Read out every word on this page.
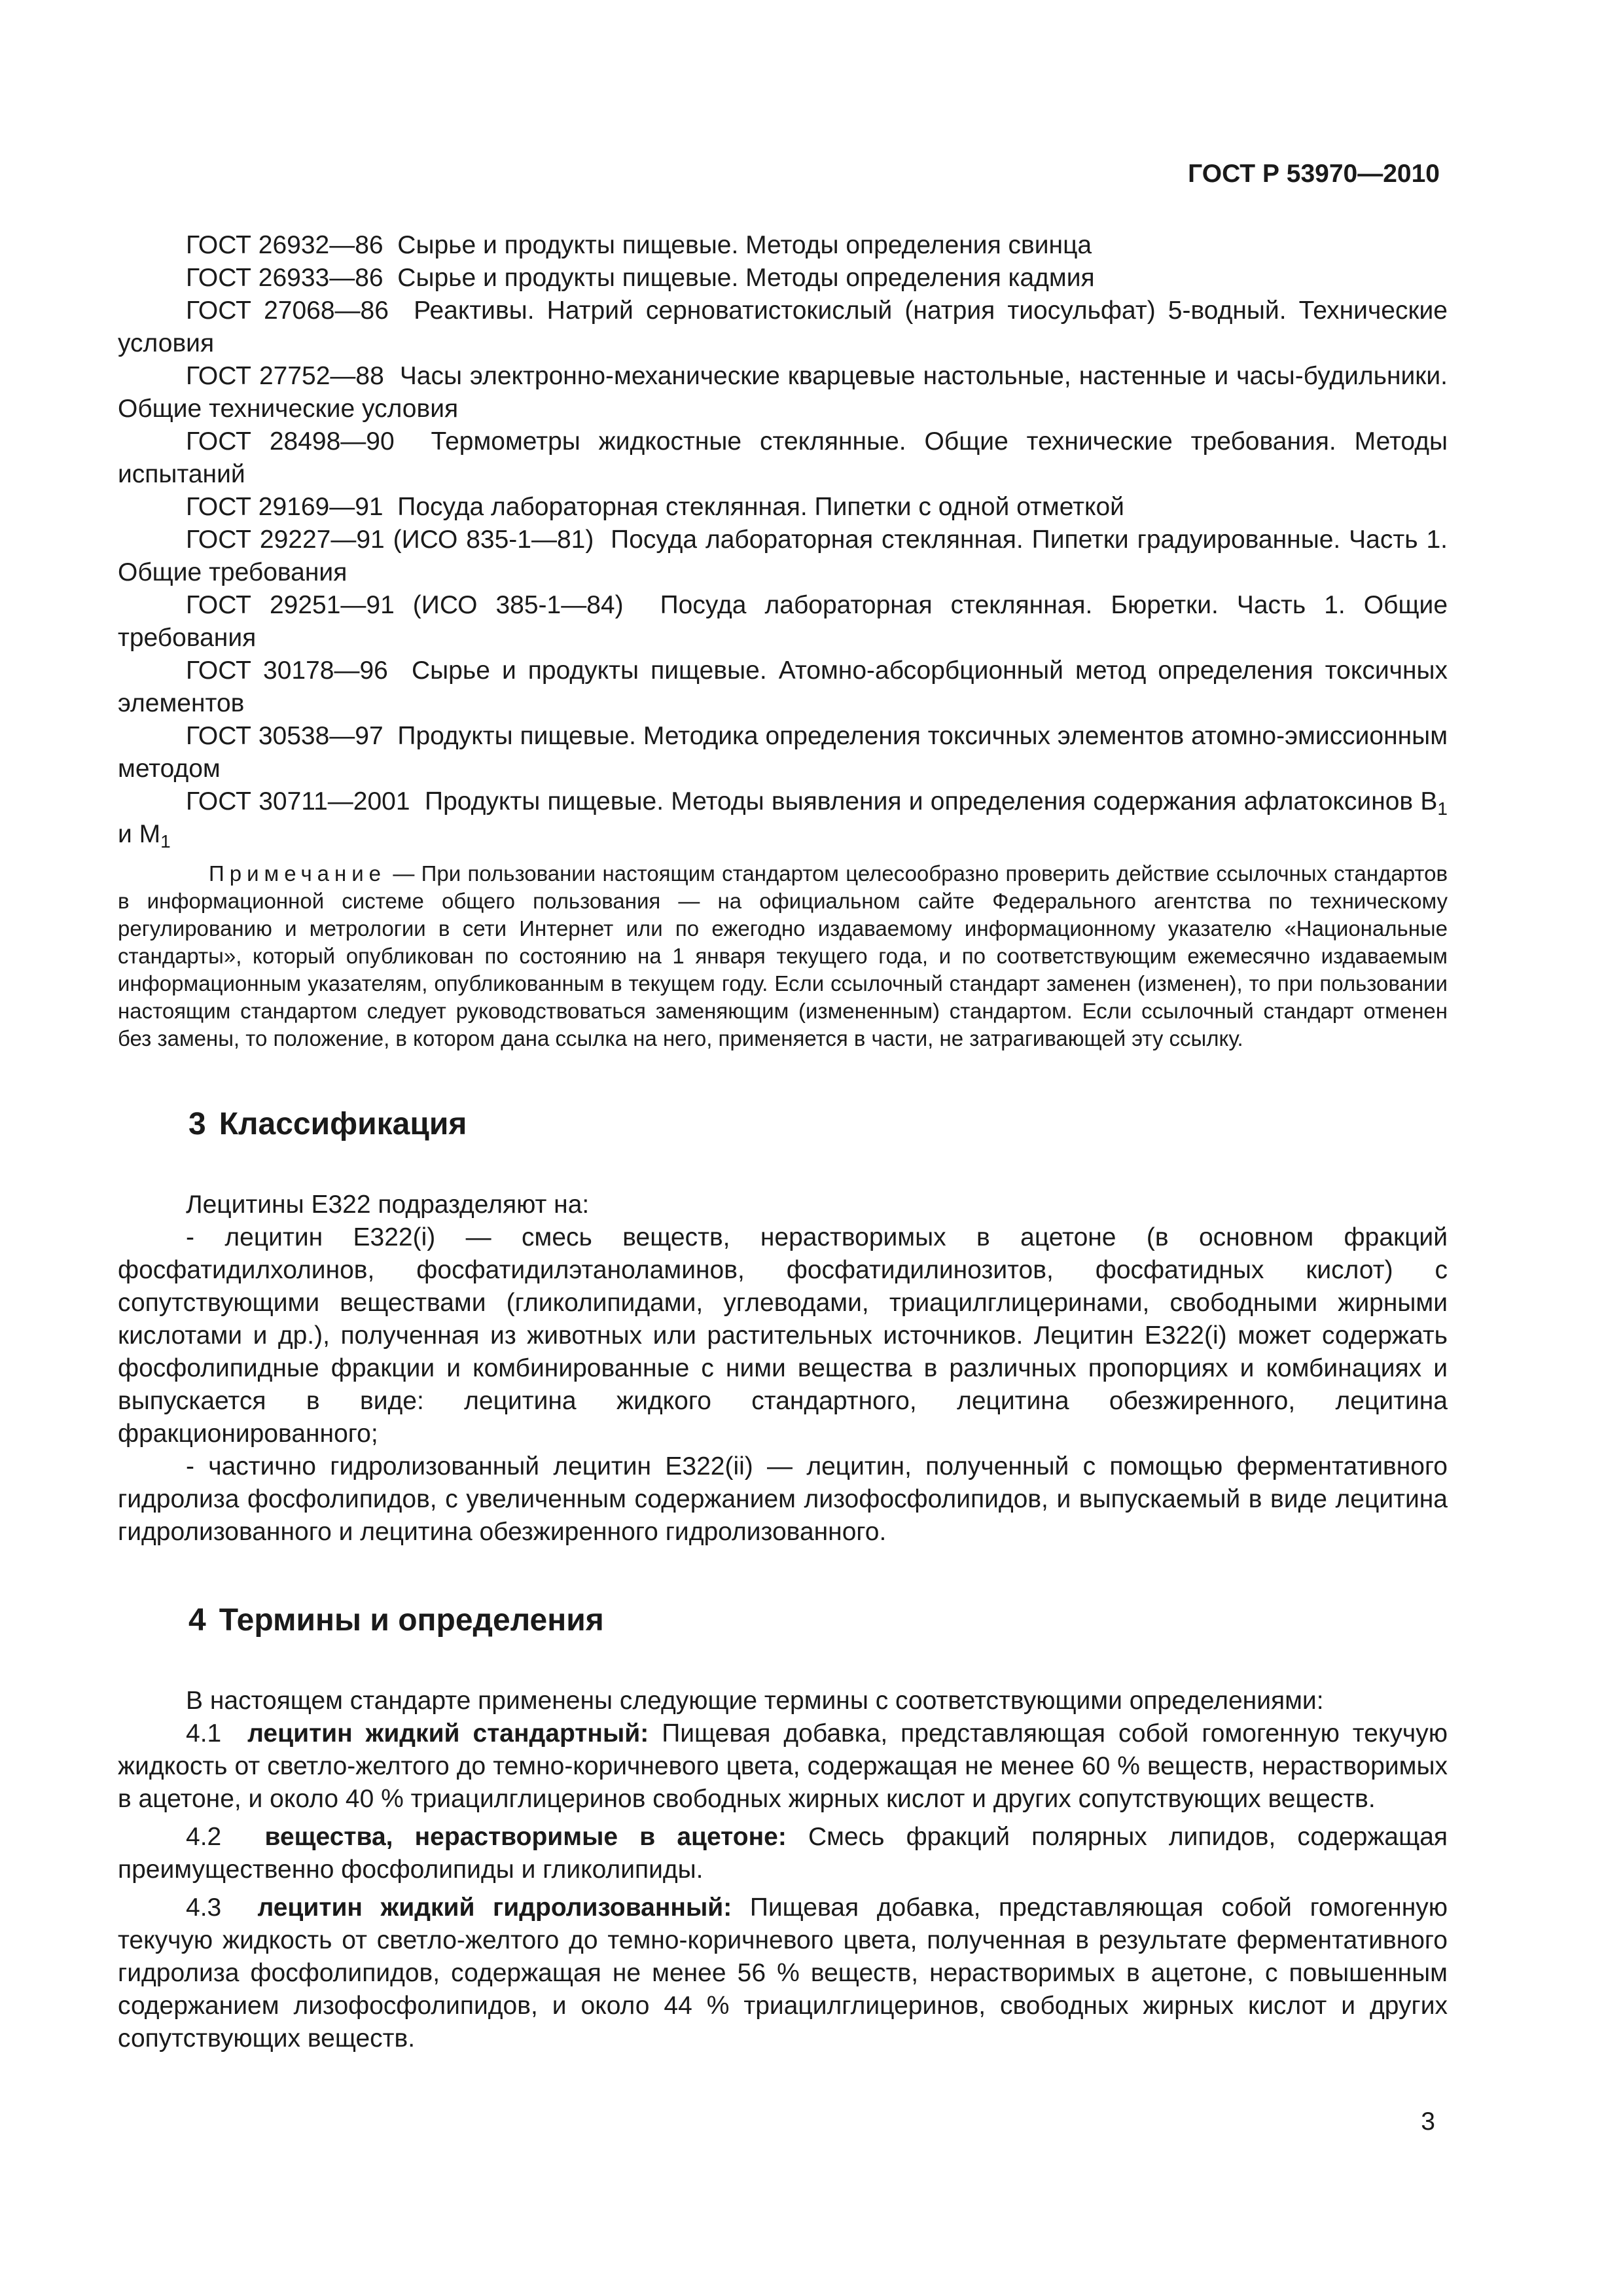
ГОСТ Р 53970—2010

ГОСТ 26932—86 Сырье и продукты пищевые. Методы определения свинца

ГОСТ 26933—86 Сырье и продукты пищевые. Методы определения кадмия

ГОСТ 27068—86 Реактивы. Натрий серноватистокислый (натрия тиосульфат) 5-водный. Технические условия

ГОСТ 27752—88 Часы электронно-механические кварцевые настольные, настенные и часы-будильники. Общие технические условия

ГОСТ 28498—90 Термометры жидкостные стеклянные. Общие технические требования. Методы испытаний

ГОСТ 29169—91 Посуда лабораторная стеклянная. Пипетки с одной отметкой

ГОСТ 29227—91 (ИСО 835-1—81) Посуда лабораторная стеклянная. Пипетки градуированные. Часть 1. Общие требования

ГОСТ 29251—91 (ИСО 385-1—84) Посуда лабораторная стеклянная. Бюретки. Часть 1. Общие требования

ГОСТ 30178—96 Сырье и продукты пищевые. Атомно-абсорбционный метод определения токсичных элементов

ГОСТ 30538—97 Продукты пищевые. Методика определения токсичных элементов атомно-эмиссионным методом

ГОСТ 30711—2001 Продукты пищевые. Методы выявления и определения содержания афлатоксинов $B_1$ и $M_1$

Примечание — При пользовании настоящим стандартом целесообразно проверить действие ссылочных стандартов в информационной системе общего пользования — на официальном сайте Федерального агентства по техническому регулированию и метрологии в сети Интернет или по ежегодно издаваемому информационному указателю «Национальные стандарты», который опубликован по состоянию на 1 января текущего года, и по соответствующим ежемесячно издаваемым информационным указателям, опубликованным в текущем году. Если ссылочный стандарт заменен (изменен), то при пользовании настоящим стандартом следует руководствоваться заменяющим (измененным) стандартом. Если ссылочный стандарт отменен без замены, то положение, в котором дана ссылка на него, применяется в части, не затрагивающей эту ссылку.

3 Классификация

Лецитины Е322 подразделяют на:

- лецитин Е322(i) — смесь веществ, нерастворимых в ацетоне (в основном фракций фосфатидилхолинов, фосфатидилэтаноламинов, фосфатидилинозитов, фосфатидных кислот) с сопутствующими веществами (гликолипидами, углеводами, триацилглицеринами, свободными жирными кислотами и др.), полученная из животных или растительных источников. Лецитин Е322(i) может содержать фосфолипидные фракции и комбинированные с ними вещества в различных пропорциях и комбинациях и выпускается в виде: лецитина жидкого стандартного, лецитина обезжиренного, лецитина фракционированного;

- частично гидролизованный лецитин Е322(ii) — лецитин, полученный с помощью ферментативного гидролиза фосфолипидов, с увеличенным содержанием лизофосфолипидов, и выпускаемый в виде лецитина гидролизованного и лецитина обезжиренного гидролизованного.

4 Термины и определения

В настоящем стандарте применены следующие термины с соответствующими определениями:

4.1 лецитин жидкий стандартный: Пищевая добавка, представляющая собой гомогенную текучую жидкость от светло-желтого до темно-коричневого цвета, содержащая не менее 60 % веществ, нерастворимых в ацетоне, и около 40 % триацилглицеринов свободных жирных кислот и других сопутствующих веществ.

4.2 вещества, нерастворимые в ацетоне: Смесь фракций полярных липидов, содержащая преимущественно фосфолипиды и гликолипиды.

4.3 лецитин жидкий гидролизованный: Пищевая добавка, представляющая собой гомогенную текучую жидкость от светло-желтого до темно-коричневого цвета, полученная в результате ферментативного гидролиза фосфолипидов, содержащая не менее 56 % веществ, нерастворимых в ацетоне, с повышенным содержанием лизофосфолипидов, и около 44 % триацилглицеринов, свободных жирных кислот и других сопутствующих веществ.

3
